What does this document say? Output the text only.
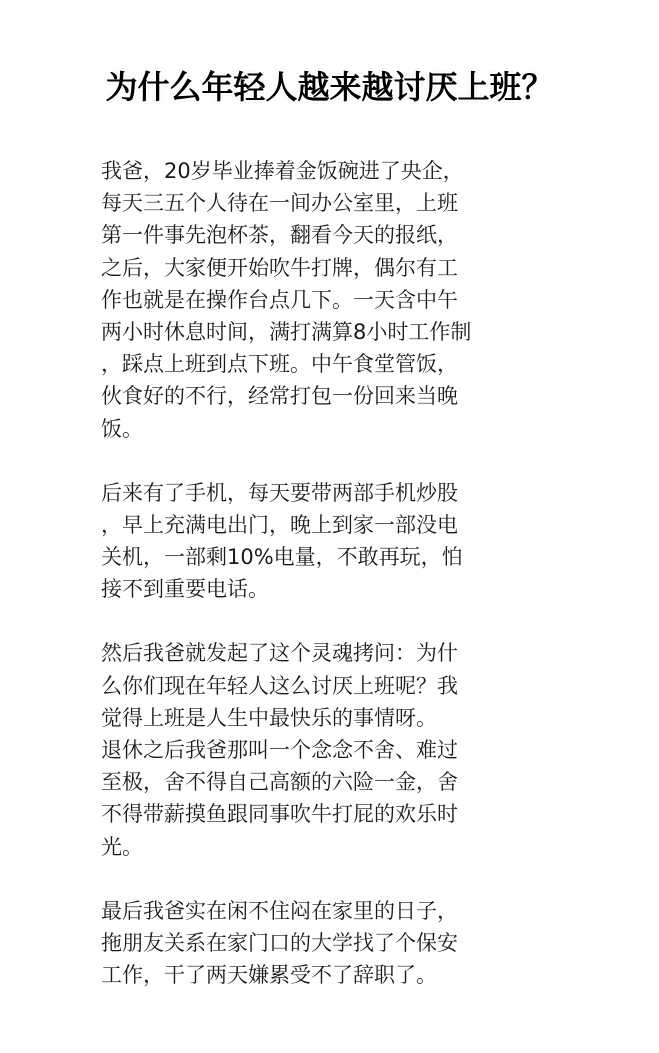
为什么年轻人越来越讨厌上班？
我爸，20岁毕业捧着金饭碗进了央企，
每天三五个人待在一间办公室里，上班
第一件事先泡杯茶，翻看今天的报纸，
之后，大家便开始吹牛打牌，偶尔有工
作也就是在操作台点几下。一天含中午
两小时休息时间，满打满算8小时工作制
，踩点上班到点下班。中午食堂管饭，
伙食好的不行，经常打包一份回来当晚
饭。
后来有了手机，每天要带两部手机炒股
，早上充满电出门，晚上到家一部没电
关机，一部剩10%电量，不敢再玩，怕
接不到重要电话。
然后我爸就发起了这个灵魂拷问：为什
么你们现在年轻人这么讨厌上班呢？我
觉得上班是人生中最快乐的事情呀。
退休之后我爸那叫一个念念不舍、难过
至极，舍不得自己高额的六险一金，舍
不得带薪摸鱼跟同事吹牛打屁的欢乐时
光。
最后我爸实在闲不住闷在家里的日子，
拖朋友关系在家门口的大学找了个保安
工作，干了两天嫌累受不了辞职了。
